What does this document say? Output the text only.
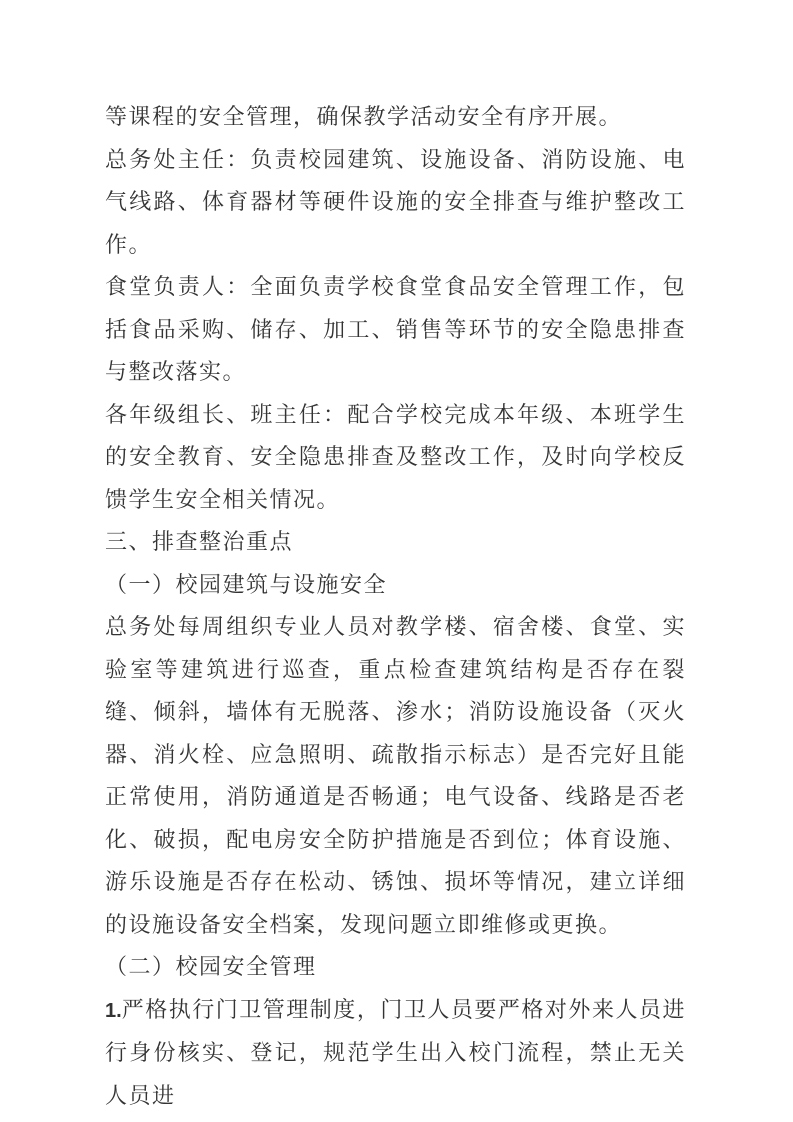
等课程的安全管理，确保教学活动安全有序开展。

总务处主任：负责校园建筑、设施设备、消防设施、电气线路、体育器材等硬件设施的安全排查与维护整改工作。

食堂负责人：全面负责学校食堂食品安全管理工作，包括食品采购、储存、加工、销售等环节的安全隐患排查与整改落实。

各年级组长、班主任：配合学校完成本年级、本班学生的安全教育、安全隐患排查及整改工作，及时向学校反馈学生安全相关情况。

三、排查整治重点

（一）校园建筑与设施安全

总务处每周组织专业人员对教学楼、宿舍楼、食堂、实验室等建筑进行巡查，重点检查建筑结构是否存在裂缝、倾斜，墙体有无脱落、渗水；消防设施设备（灭火器、消火栓、应急照明、疏散指示标志）是否完好且能正常使用，消防通道是否畅通；电气设备、线路是否老化、破损，配电房安全防护措施是否到位；体育设施、游乐设施是否存在松动、锈蚀、损坏等情况，建立详细的设施设备安全档案，发现问题立即维修或更换。

（二）校园安全管理

1.严格执行门卫管理制度，门卫人员要严格对外来人员进行身份核实、登记，规范学生出入校门流程，禁止无关人员进
